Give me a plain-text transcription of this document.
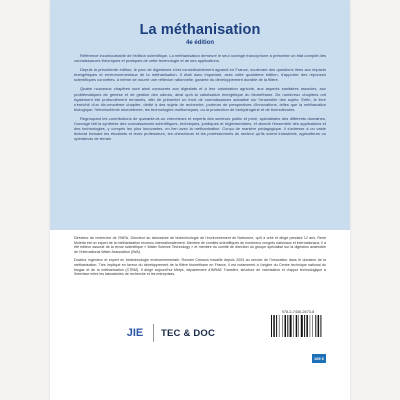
La méthanisation
4e édition

Référence incontournable de l'édition scientifique, La méthanisation demeure le seul ouvrage francophone à présenter un état complet des connaissances théoriques et pratiques de cette technologie et de ses applications.

Depuis la précédente édition, le parc de digesteurs s'est considérablement agrandi en France, soulevant des questions liées aux impacts énergétiques et environnementaux de la méthanisation. Il était donc important, avec cette quatrième édition, d'apporter des réponses scientifiques concrètes, à même de nourrir une réflexion rationnelle, garante du développement durable de la filière.

Quatre nouveaux chapitres sont ainsi consacrés aux digestats et à leur valorisation agricole, aux aspects sanitaires associés, aux problématiques de genèse et de gestion des odeurs, ainsi qu'à la valorisation énergétique du biométhane. De nombreux chapitres ont également été profondément remaniés, afin de présenter un front de connaissances actualisé sur l'ensemble des sujets. Enfin, le livre s'enrichit d'un dix-neuvième chapitre, dédié à des sujets de recherche, porteurs de perspectives d'innovations, telles que la méthanation biologique, l'électrochimie microbienne, les technologies multiomiques, ou la production de biohydrogène et de biomolécules.

Regroupant les contributions de quarante-et-un chercheurs et experts des secteurs public et privé, spécialistes des différents domaines, l'ouvrage fait la synthèse des connaissances scientifiques, techniques, juridiques et réglementaires, et aborde l'ensemble des applications et des technologies, y compris les plus innovantes, en lien avec la méthanisation. Conçu de manière pédagogique, il s'adresse à un vaste lectorat incluant les étudiants et leurs professeurs, les chercheurs et les professionnels du secteur qu'ils soient industriels, agriculteurs ou opérateurs de terrain.

Directeur de recherche de l'INRA, Directeur du laboratoire de biotechnologie de l'environnement de Narbonne, qu'il a créé et dirigé pendant 12 ans, René Moletta est un expert de la méthanisation reconnu internationalement. Membre de comités scientifiques de nombreux congrès nationaux et internationaux, il a été éditeur associé de la revue scientifique « Water Science Technology » et membre du comité de direction du groupe spécialisé sur la digestion anaérobie de l'International Water Association (IWA).

Docteur ingénieur et expert en biotechnologie environnementale, Romain Cresson travaille depuis 2003 au service de l'innovation dans le domaine de la méthanisation. Très impliqué en faveur du développement de la filière biométhane en France, il est notamment à l'origine du Centre technique national du biogaz et de la méthanisation (CTBM). Il dirige aujourd'hui Metys, département d'INRAE Transfert, structure de valorisation et d'appui technologique à l'interface entre les laboratoires de recherche et les entreprises.

JIE TEC & DOC
978-2-7430-2673-8
165 €
